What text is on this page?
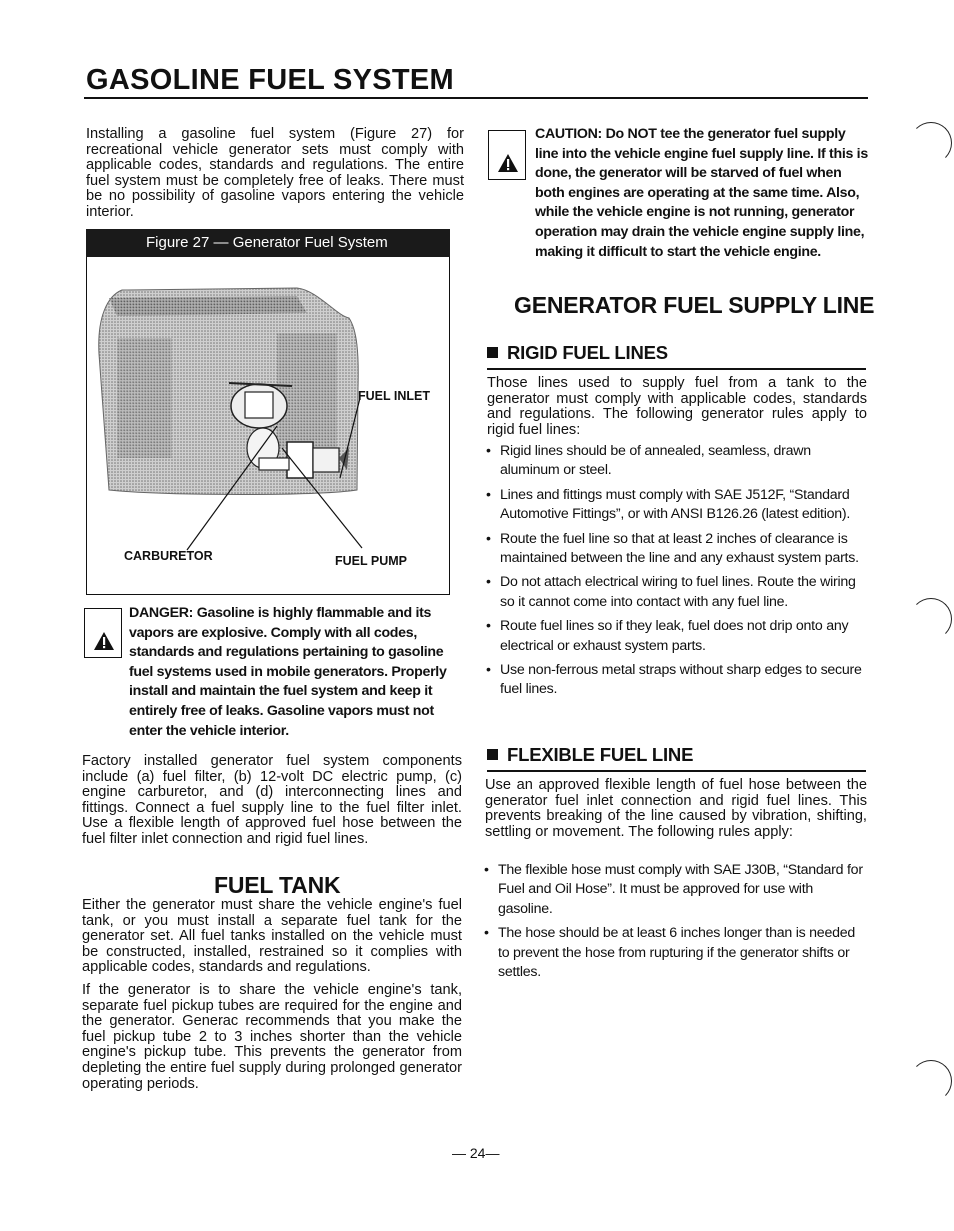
GASOLINE FUEL SYSTEM
Installing a gasoline fuel system (Figure 27) for recreational vehicle generator sets must comply with applicable codes, standards and regulations. The entire fuel system must be completely free of leaks. There must be no possibility of gasoline vapors entering the vehicle interior.
Figure 27 — Generator Fuel System
FUEL INLET
CARBURETOR	FUEL PUMP
DANGER: Gasoline is highly flammable and its vapors are explosive. Comply with all codes, standards and regulations pertaining to gasoline fuel systems used in mobile generators. Properly install and maintain the fuel system and keep it entirely free of leaks. Gasoline vapors must not enter the vehicle interior.
Factory installed generator fuel system components include (a) fuel filter, (b) 12-volt DC electric pump, (c) engine carburetor, and (d) interconnecting lines and fittings. Connect a fuel supply line to the fuel filter inlet. Use a flexible length of approved fuel hose between the fuel filter inlet connection and rigid fuel lines.
FUEL TANK
Either the generator must share the vehicle engine's fuel tank, or you must install a separate fuel tank for the generator set. All fuel tanks installed on the vehicle must be constructed, installed, restrained so it complies with applicable codes, standards and regulations.
If the generator is to share the vehicle engine's tank, separate fuel pickup tubes are required for the engine and the generator. Generac recommends that you make the fuel pickup tube 2 to 3 inches shorter than the vehicle engine's pickup tube. This prevents the generator from depleting the entire fuel supply during prolonged generator operating periods.
CAUTION: Do NOT tee the generator fuel supply line into the vehicle engine fuel supply line. If this is done, the generator will be starved of fuel when both engines are operating at the same time. Also, while the vehicle engine is not running, generator operation may drain the vehicle engine supply line, making it difficult to start the vehicle engine.
GENERATOR FUEL SUPPLY LINE
RIGID FUEL LINES
Those lines used to supply fuel from a tank to the generator must comply with applicable codes, standards and regulations. The following generator rules apply to rigid fuel lines:
• Rigid lines should be of annealed, seamless, drawn aluminum or steel.
• Lines and fittings must comply with SAE J512F, “Standard Automotive Fittings”, or with ANSI B126.26 (latest edition).
• Route the fuel line so that at least 2 inches of clearance is maintained between the line and any exhaust system parts.
• Do not attach electrical wiring to fuel lines. Route the wiring so it cannot come into contact with any fuel line.
• Route fuel lines so if they leak, fuel does not drip onto any electrical or exhaust system parts.
• Use non-ferrous metal straps without sharp edges to secure fuel lines.
FLEXIBLE FUEL LINE
Use an approved flexible length of fuel hose between the generator fuel inlet connection and rigid fuel lines. This prevents breaking of the line caused by vibration, shifting, settling or movement. The following rules apply:
• The flexible hose must comply with SAE J30B, “Standard for Fuel and Oil Hose”. It must be approved for use with gasoline.
• The hose should be at least 6 inches longer than is needed to prevent the hose from rupturing if the generator shifts or settles.
— 24—
